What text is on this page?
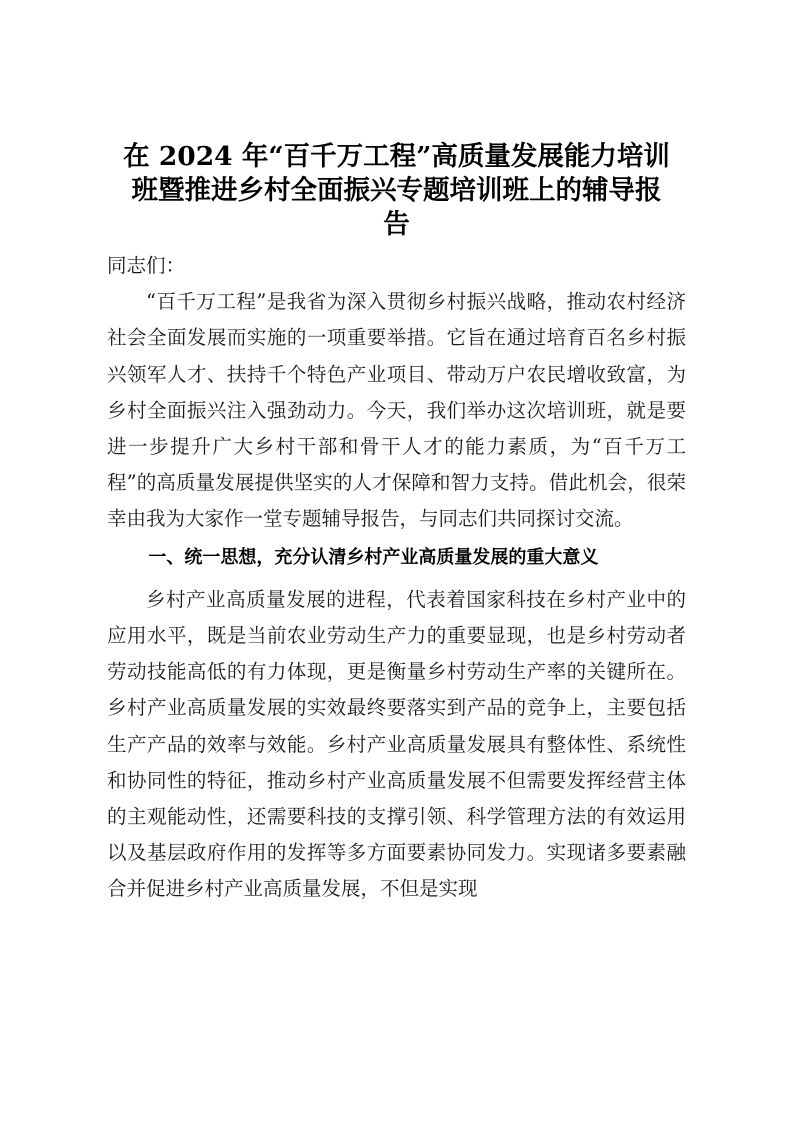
在 2024 年“百千万工程”高质量发展能力培训
班暨推进乡村全面振兴专题培训班上的辅导报
告

同志们：

“百千万工程”是我省为深入贯彻乡村振兴战略，推动农村经济社会全面发展而实施的一项重要举措。它旨在通过培育百名乡村振兴领军人才、扶持千个特色产业项目、带动万户农民增收致富，为乡村全面振兴注入强劲动力。今天，我们举办这次培训班，就是要进一步提升广大乡村干部和骨干人才的能力素质，为“百千万工程”的高质量发展提供坚实的人才保障和智力支持。借此机会，很荣幸由我为大家作一堂专题辅导报告，与同志们共同探讨交流。

一、统一思想，充分认清乡村产业高质量发展的重大意义

乡村产业高质量发展的进程，代表着国家科技在乡村产业中的应用水平，既是当前农业劳动生产力的重要显现，也是乡村劳动者劳动技能高低的有力体现，更是衡量乡村劳动生产率的关键所在。乡村产业高质量发展的实效最终要落实到产品的竞争上，主要包括生产产品的效率与效能。乡村产业高质量发展具有整体性、系统性和协同性的特征，推动乡村产业高质量发展不但需要发挥经营主体的主观能动性，还需要科技的支撑引领、科学管理方法的有效运用以及基层政府作用的发挥等多方面要素协同发力。实现诸多要素融合并促进乡村产业高质量发展，不但是实现
